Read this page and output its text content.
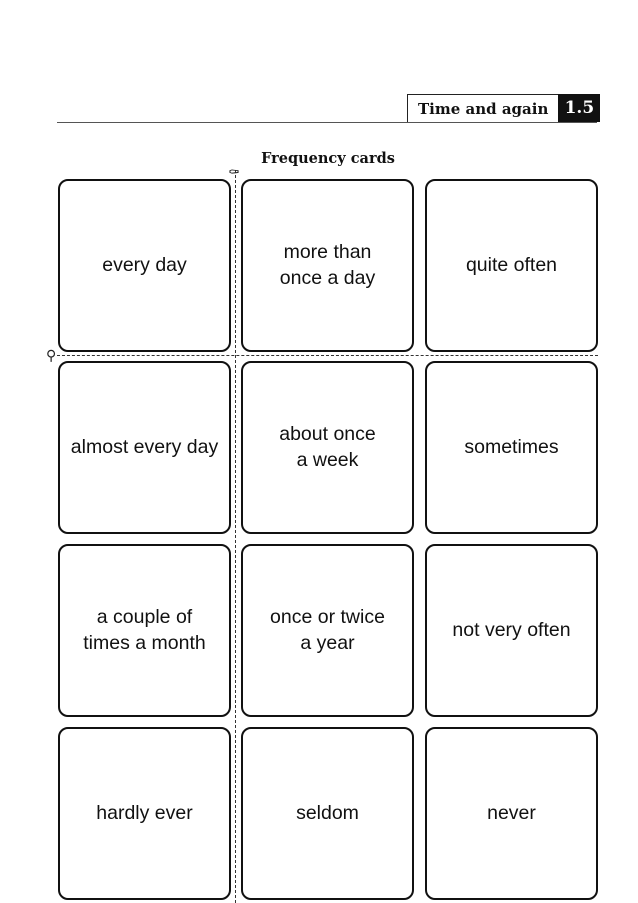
Time and again 1.5
Frequency cards
⚰
⚲
every day
more than
once a day
quite often
almost every day
about once
a week
sometimes
a couple of
times a month
once or twice
a year
not very often
hardly ever	seldom	never
